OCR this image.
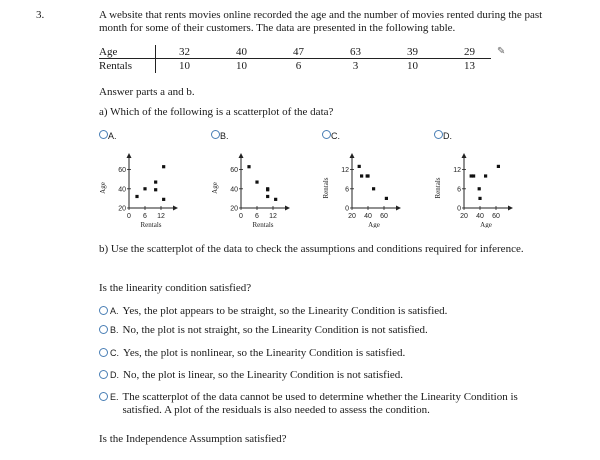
3.	A website that rents movies online recorded the age and the number of movies rented during the past month for some of their customers. The data are presented in the following table.
Age		32	40	47	63	39	29
Rentals		10	10	6	3	10	13
✎
Answer parts a and b.
a) Which of the following is a scatterplot of the data?
A.	B.	C.	D.
60
40
20
0 6 12
Rentals
Age
60
40
20
0 6 12
Rentals
Age
12
6
0
20 40 60
Age
Rentals
12
6
0
20 40 60
Age
Rentals
b) Use the scatterplot of the data to check the assumptions and conditions required for inference.
Is the linearity condition satisfied?
A. Yes, the plot appears to be straight, so the Linearity Condition is satisfied.
B. No, the plot is not straight, so the Linearity Condition is not satisfied.
C. Yes, the plot is nonlinear, so the Linearity Condition is satisfied.
D. No, the plot is linear, so the Linearity Condition is not satisfied.
E. The scatterplot of the data cannot be used to determine whether the Linearity Condition is satisfied. A plot of the residuals is also needed to assess the condition.
Is the Independence Assumption satisfied?
